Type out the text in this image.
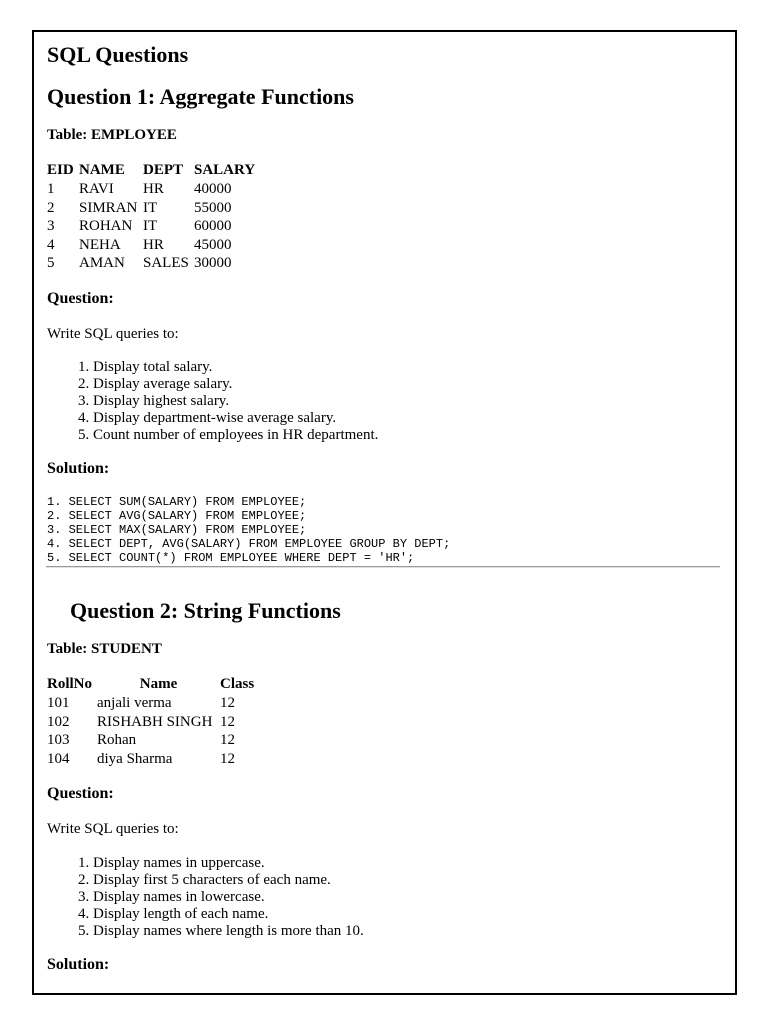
SQL Questions
Question 1: Aggregate Functions
Table: EMPLOYEE
EID	NAME	DEPT	SALARY
1	RAVI	HR	40000
2	SIMRAN	IT	55000
3	ROHAN	IT	60000
4	NEHA	HR	45000
5	AMAN	SALES	30000
Question:
Write SQL queries to:
1. Display total salary.
2. Display average salary.
3. Display highest salary.
4. Display department-wise average salary.
5. Count number of employees in HR department.
Solution:
1. SELECT SUM(SALARY) FROM EMPLOYEE;
2. SELECT AVG(SALARY) FROM EMPLOYEE;
3. SELECT MAX(SALARY) FROM EMPLOYEE;
4. SELECT DEPT, AVG(SALARY) FROM EMPLOYEE GROUP BY DEPT;
5. SELECT COUNT(*) FROM EMPLOYEE WHERE DEPT = 'HR';
Question 2: String Functions
Table: STUDENT
RollNo	Name	Class
101	anjali verma	12
102	RISHABH SINGH	12
103	Rohan	12
104	diya Sharma	12
Question:
Write SQL queries to:
1. Display names in uppercase.
2. Display first 5 characters of each name.
3. Display names in lowercase.
4. Display length of each name.
5. Display names where length is more than 10.
Solution:
